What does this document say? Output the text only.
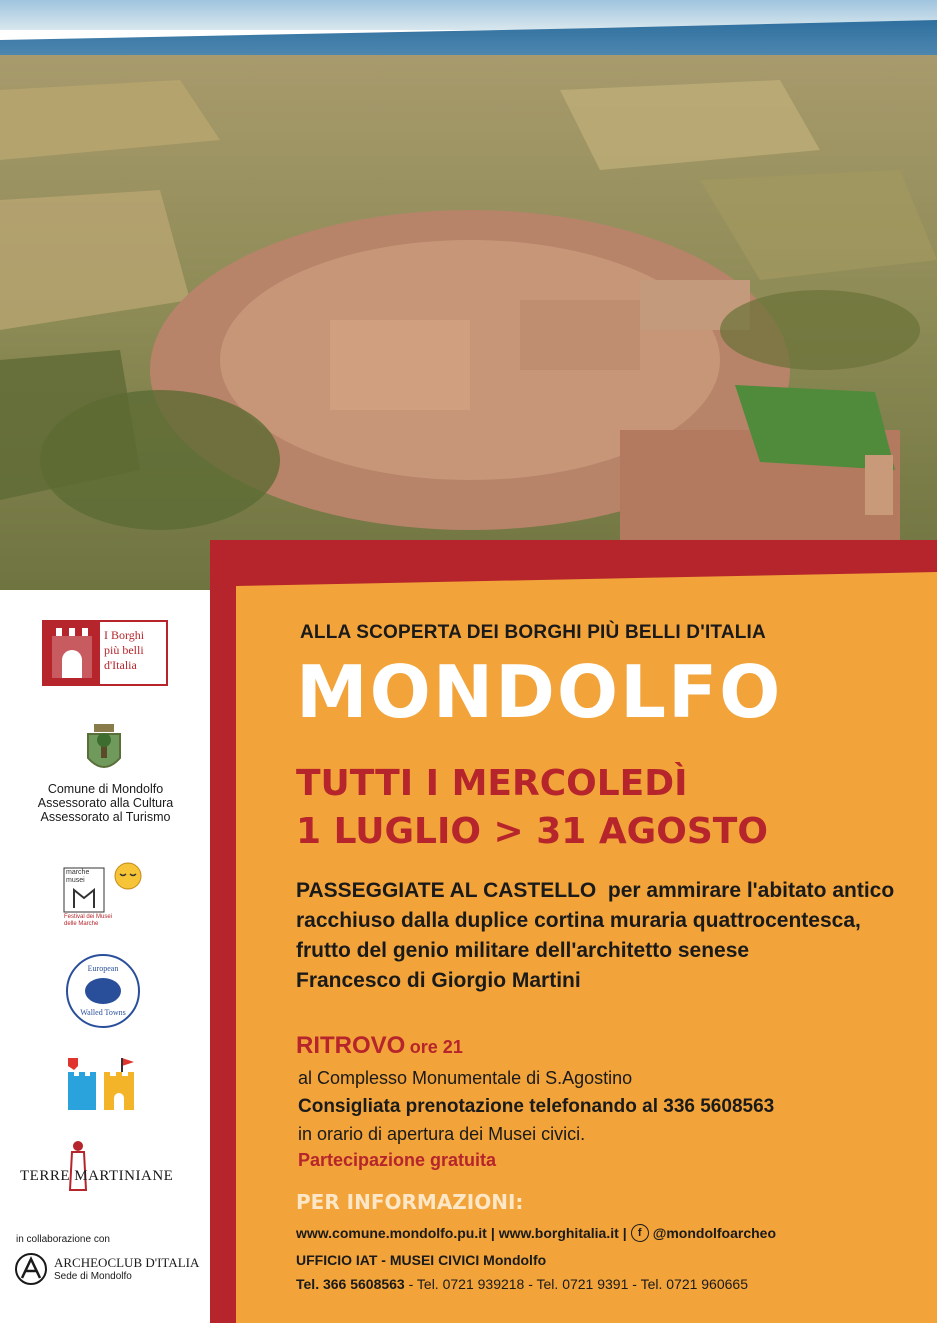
ALLA SCOPERTA DEI BORGHI PIÙ BELLI D'ITALIA
MONDOLFO
TUTTI I MERCOLEDÌ
1 LUGLIO > 31 AGOSTO
PASSEGGIATE AL CASTELLO  per ammirare l'abitato antico
racchiuso dalla duplice cortina muraria quattrocentesca,
frutto del genio militare dell'architetto senese
Francesco di Giorgio Martini
RITROVO ore 21
al Complesso Monumentale di S.Agostino
Consigliata prenotazione telefonando al 336 5608563
in orario di apertura dei Musei civici.
Partecipazione gratuita
PER INFORMAZIONI:
www.comune.mondolfo.pu.it | www.borghitalia.it |	f @mondolfoarcheo
UFFICIO IAT - MUSEI CIVICI Mondolfo
Tel. 366 5608563 - Tel. 0721 939218 - Tel. 0721 9391 - Tel. 0721 960665
I Borghi
più belli
d'Italia
Comune di Mondolfo
Assessorato alla Cultura
Assessorato al Turismo
marche
musei
Festival dei Musei
delle Marche
European
Walled Towns
TERRE MARTINIANE
in collaborazione con
ARCHEOCLUB D'ITALIA
Sede di Mondolfo
